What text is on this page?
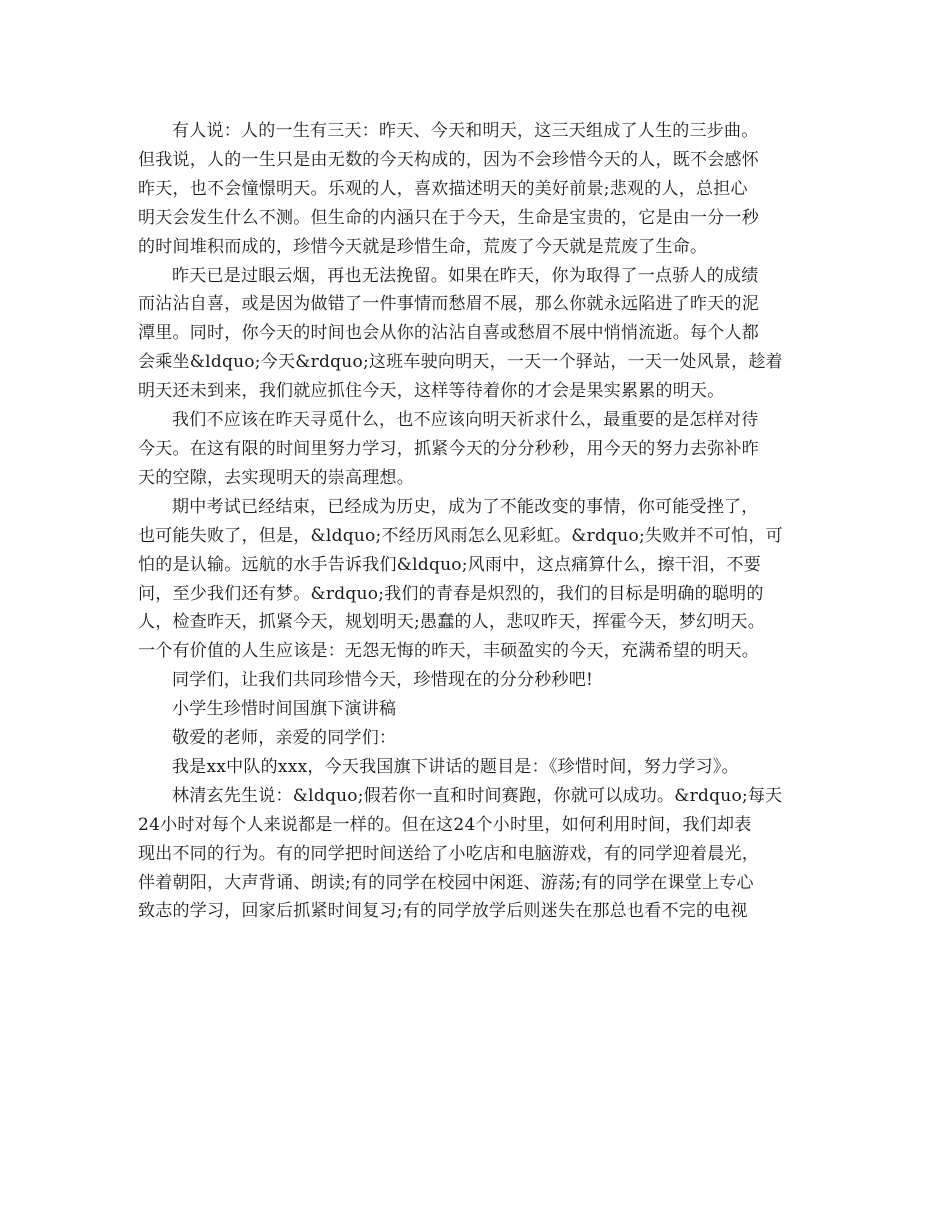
有人说：人的一生有三天：昨天、今天和明天，这三天组成了人生的三步曲。
但我说，人的一生只是由无数的今天构成的，因为不会珍惜今天的人，既不会感怀
昨天，也不会憧憬明天。乐观的人，喜欢描述明天的美好前景;悲观的人，总担心
明天会发生什么不测。但生命的内涵只在于今天，生命是宝贵的，它是由一分一秒
的时间堆积而成的，珍惜今天就是珍惜生命，荒废了今天就是荒废了生命。

昨天已是过眼云烟，再也无法挽留。如果在昨天，你为取得了一点骄人的成绩
而沾沾自喜，或是因为做错了一件事情而愁眉不展，那么你就永远陷进了昨天的泥
潭里。同时，你今天的时间也会从你的沾沾自喜或愁眉不展中悄悄流逝。每个人都
会乘坐&ldquo;今天&rdquo;这班车驶向明天，一天一个驿站，一天一处风景，趁着
明天还未到来，我们就应抓住今天，这样等待着你的才会是果实累累的明天。

我们不应该在昨天寻觅什么，也不应该向明天祈求什么，最重要的是怎样对待
今天。在这有限的时间里努力学习，抓紧今天的分分秒秒，用今天的努力去弥补昨
天的空隙，去实现明天的崇高理想。

期中考试已经结束，已经成为历史，成为了不能改变的事情，你可能受挫了，
也可能失败了，但是，&ldquo;不经历风雨怎么见彩虹。&rdquo;失败并不可怕，可
怕的是认输。远航的水手告诉我们&ldquo;风雨中，这点痛算什么，擦干泪，不要
问，至少我们还有梦。&rdquo;我们的青春是炽烈的，我们的目标是明确的聪明的
人，检查昨天，抓紧今天，规划明天;愚蠢的人，悲叹昨天，挥霍今天，梦幻明天。
一个有价值的人生应该是：无怨无悔的昨天，丰硕盈实的今天，充满希望的明天。

同学们，让我们共同珍惜今天，珍惜现在的分分秒秒吧!

小学生珍惜时间国旗下演讲稿

敬爱的老师，亲爱的同学们：

我是xx中队的xxx，今天我国旗下讲话的题目是：《珍惜时间，努力学习》。

林清玄先生说：&ldquo;假若你一直和时间赛跑，你就可以成功。&rdquo;每天
24小时对每个人来说都是一样的。但在这24个小时里，如何利用时间，我们却表
现出不同的行为。有的同学把时间送给了小吃店和电脑游戏，有的同学迎着晨光，
伴着朝阳，大声背诵、朗读;有的同学在校园中闲逛、游荡;有的同学在课堂上专心
致志的学习，回家后抓紧时间复习;有的同学放学后则迷失在那总也看不完的电视
